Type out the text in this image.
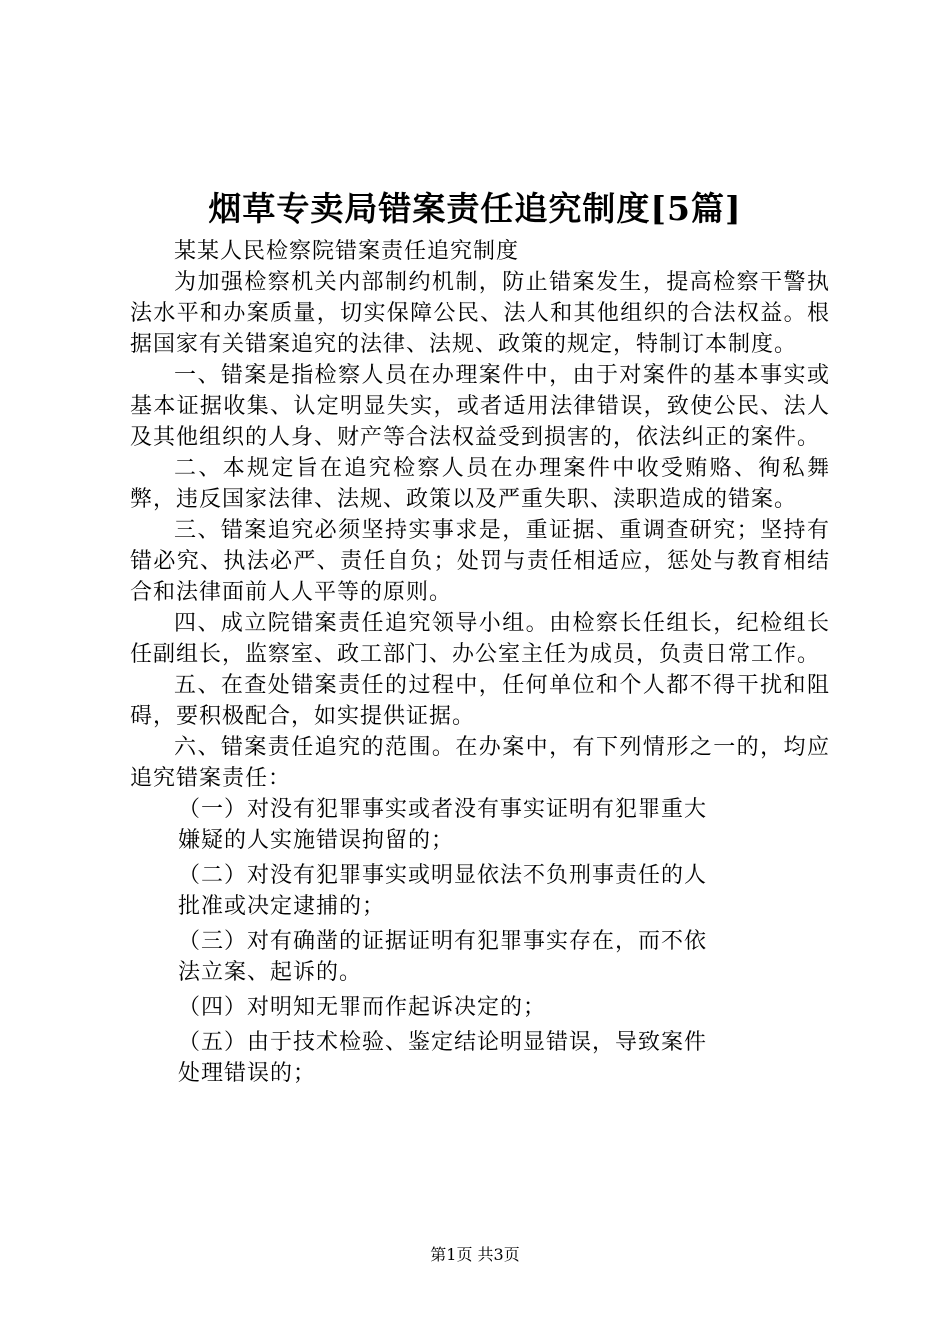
烟草专卖局错案责任追究制度[5篇]

某某人民检察院错案责任追究制度

为加强检察机关内部制约机制，防止错案发生，提高检察干警执法水平和办案质量，切实保障公民、法人和其他组织的合法权益。根据国家有关错案追究的法律、法规、政策的规定，特制订本制度。

一、错案是指检察人员在办理案件中，由于对案件的基本事实或基本证据收集、认定明显失实，或者适用法律错误，致使公民、法人及其他组织的人身、财产等合法权益受到损害的，依法纠正的案件。

二、本规定旨在追究检察人员在办理案件中收受贿赂、徇私舞弊，违反国家法律、法规、政策以及严重失职、渎职造成的错案。

三、错案追究必须坚持实事求是，重证据、重调查研究；坚持有错必究、执法必严、责任自负；处罚与责任相适应，惩处与教育相结合和法律面前人人平等的原则。

四、成立院错案责任追究领导小组。由检察长任组长，纪检组长任副组长，监察室、政工部门、办公室主任为成员，负责日常工作。

五、在查处错案责任的过程中，任何单位和个人都不得干扰和阻碍，要积极配合，如实提供证据。

六、错案责任追究的范围。在办案中，有下列情形之一的，均应追究错案责任：

（一）对没有犯罪事实或者没有事实证明有犯罪重大嫌疑的人实施错误拘留的；

（二）对没有犯罪事实或明显依法不负刑事责任的人批准或决定逮捕的；

（三）对有确凿的证据证明有犯罪事实存在，而不依法立案、起诉的。

（四）对明知无罪而作起诉决定的；

（五）由于技术检验、鉴定结论明显错误，导致案件处理错误的；

第1页 共3页
